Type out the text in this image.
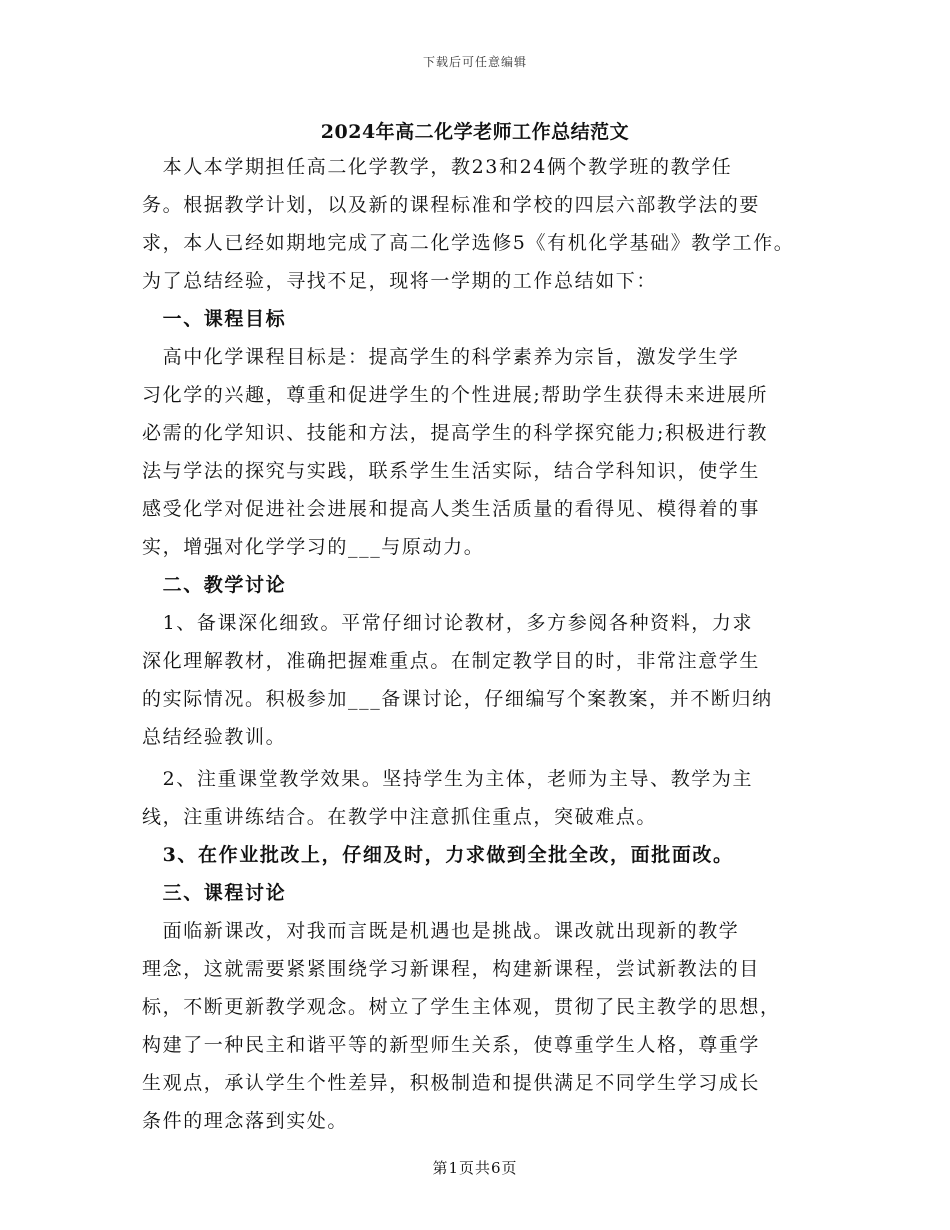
下载后可任意编辑
2024年高二化学老师工作总结范文
　本人本学期担任高二化学教学，教23和24俩个教学班的教学任
务。根据教学计划，以及新的课程标准和学校的四层六部教学法的要
求，本人已经如期地完成了高二化学选修5《有机化学基础》教学工作。
为了总结经验，寻找不足，现将一学期的工作总结如下：
　一、课程目标
　高中化学课程目标是：提高学生的科学素养为宗旨，激发学生学
习化学的兴趣，尊重和促进学生的个性进展;帮助学生获得未来进展所
必需的化学知识、技能和方法，提高学生的科学探究能力;积极进行教
法与学法的探究与实践，联系学生生活实际，结合学科知识，使学生
感受化学对促进社会进展和提高人类生活质量的看得见、模得着的事
实，增强对化学学习的___与原动力。
　二、教学讨论
　1、备课深化细致。平常仔细讨论教材，多方参阅各种资料，力求
深化理解教材，准确把握难重点。在制定教学目的时，非常注意学生
的实际情况。积极参加___备课讨论，仔细编写个案教案，并不断归纳
总结经验教训。
　2、注重课堂教学效果。坚持学生为主体，老师为主导、教学为主
线，注重讲练结合。在教学中注意抓住重点，突破难点。
　3、在作业批改上，仔细及时，力求做到全批全改，面批面改。
　三、课程讨论
　面临新课改，对我而言既是机遇也是挑战。课改就出现新的教学
理念，这就需要紧紧围绕学习新课程，构建新课程，尝试新教法的目
标，不断更新教学观念。树立了学生主体观，贯彻了民主教学的思想，
构建了一种民主和谐平等的新型师生关系，使尊重学生人格，尊重学
生观点，承认学生个性差异，积极制造和提供满足不同学生学习成长
条件的理念落到实处。
第1页共6页
